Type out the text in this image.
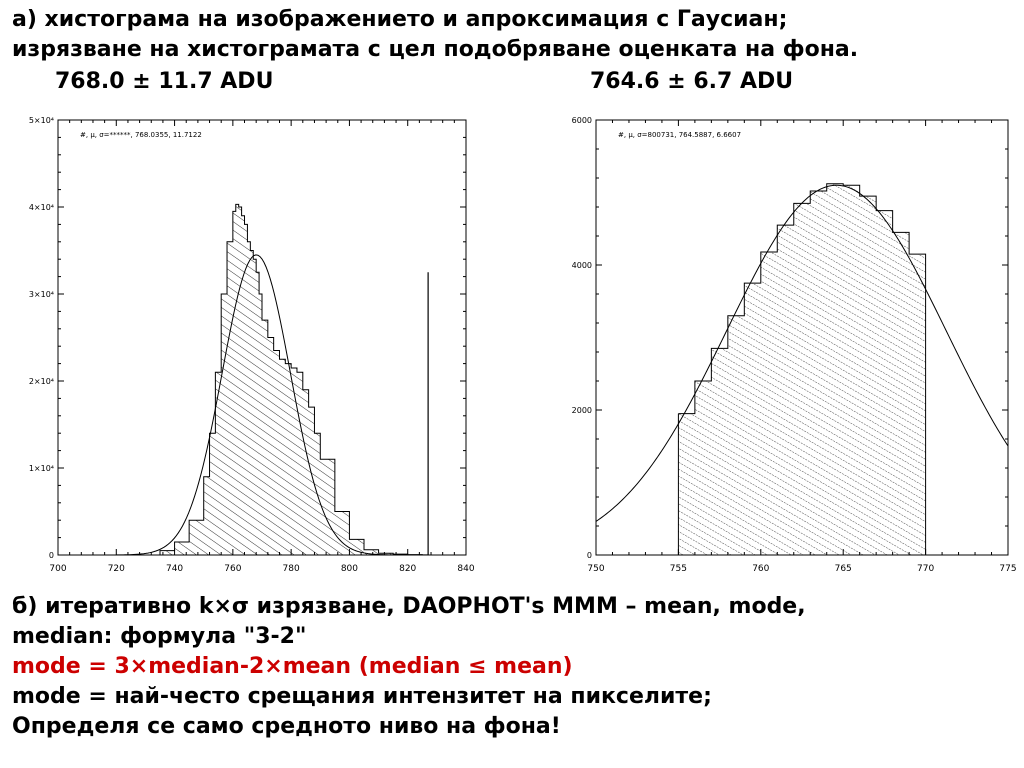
а) хистограма на изображението и апроксимация с Гаусиан;
изрязване на хистограмата с цел подобряване оценката на фона.
768.0 ± 11.7 ADU	764.6 ± 6.7 ADU
700	720	740	760	780	800	820	840
0
1×10⁴
2×10⁴
3×10⁴
4×10⁴
5×10⁴
#, μ, σ=******, 768.0355, 11.7122
750	755	760	765	770	775
0
2000
4000
6000
#, μ, σ=800731, 764.5887, 6.6607
б) итеративно k×σ изрязване, DAOPHOT's MMM – mean, mode,
median: формула "3-2"
mode = 3×median-2×mean (median ≤ mean)
mode = най-често срещания интензитет на пикселите;
Определя се само средното ниво на фона!
